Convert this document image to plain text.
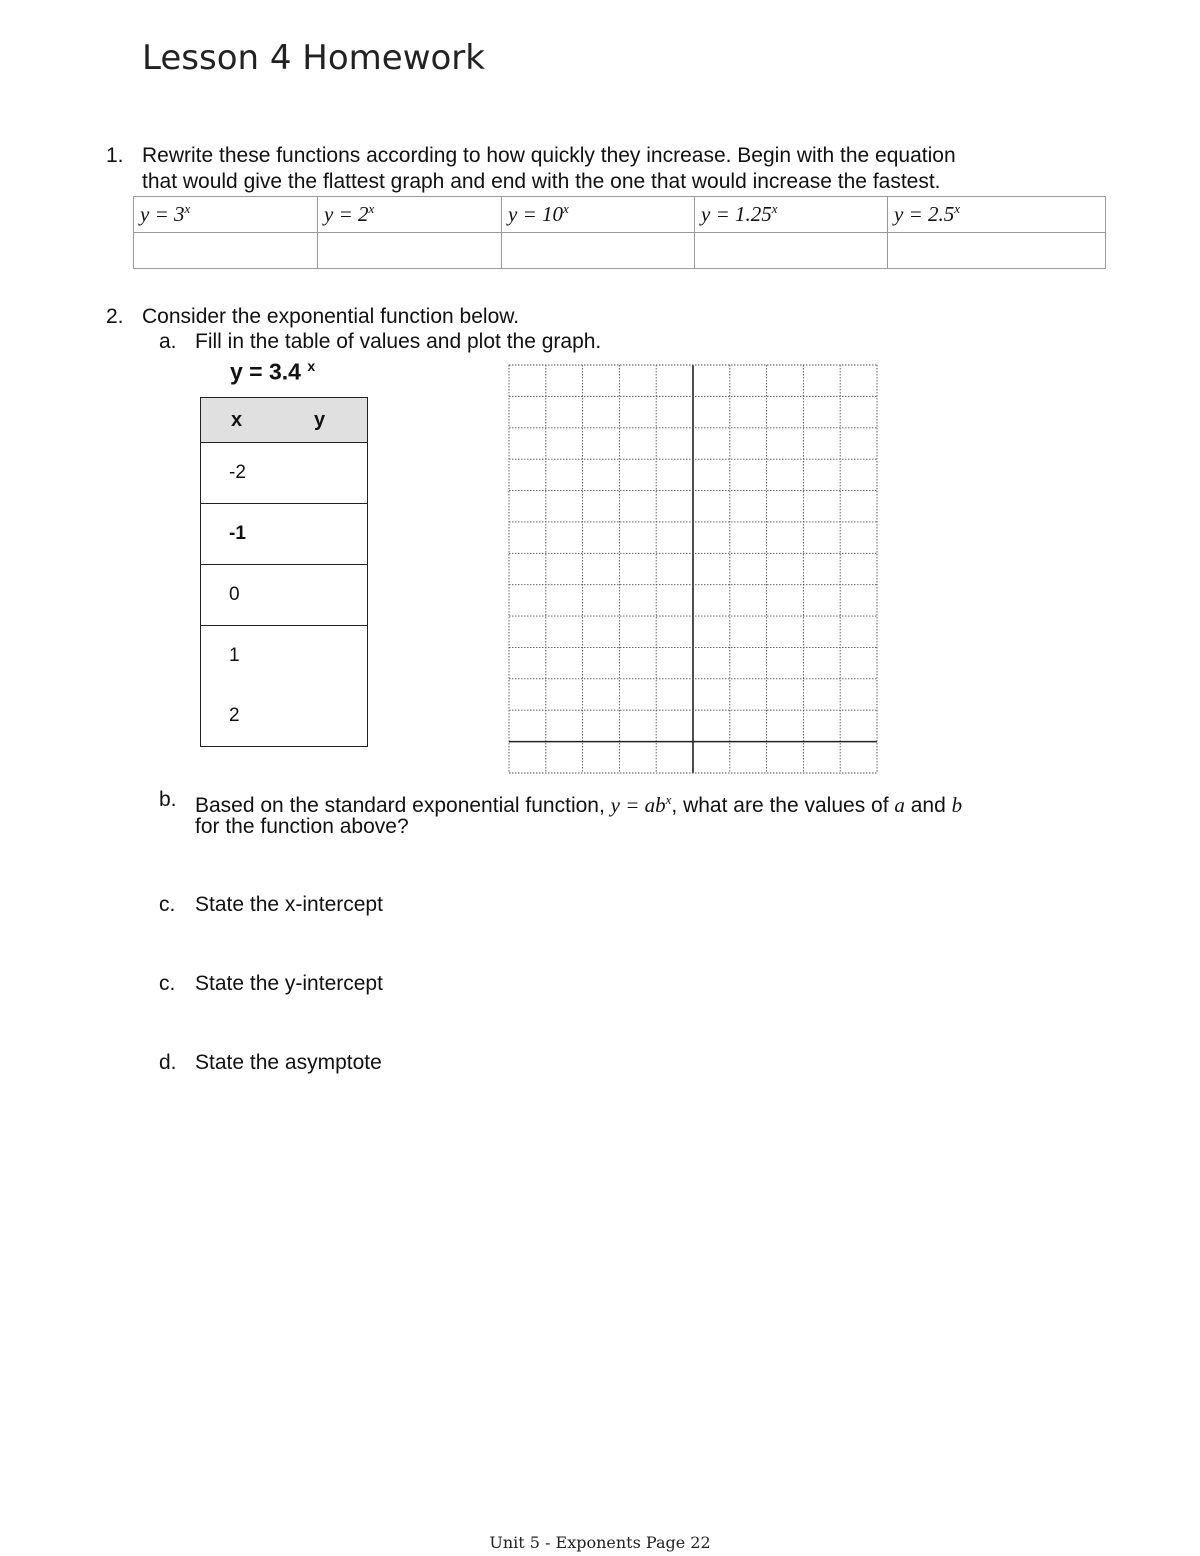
Lesson 4 Homework
1. Rewrite these functions according to how quickly they increase. Begin with the equation
that would give the flattest graph and end with the one that would increase the fastest.
$y = 3^x$	$y = 2^x$	$y = 10^x$	$y = 1.25^x$	$y = 2.5^x$

2. Consider the exponential function below.
a. Fill in the table of values and plot the graph.
y = 3.4 $^x$
x	y
-2	
-1	
0	
1	
2	
b. Based on the standard exponential function, $y = ab^x$, what are the values of a and b
for the function above?
c. State the x-intercept
c. State the y-intercept
d. State the asymptote
Unit 5 - Exponents Page 22
